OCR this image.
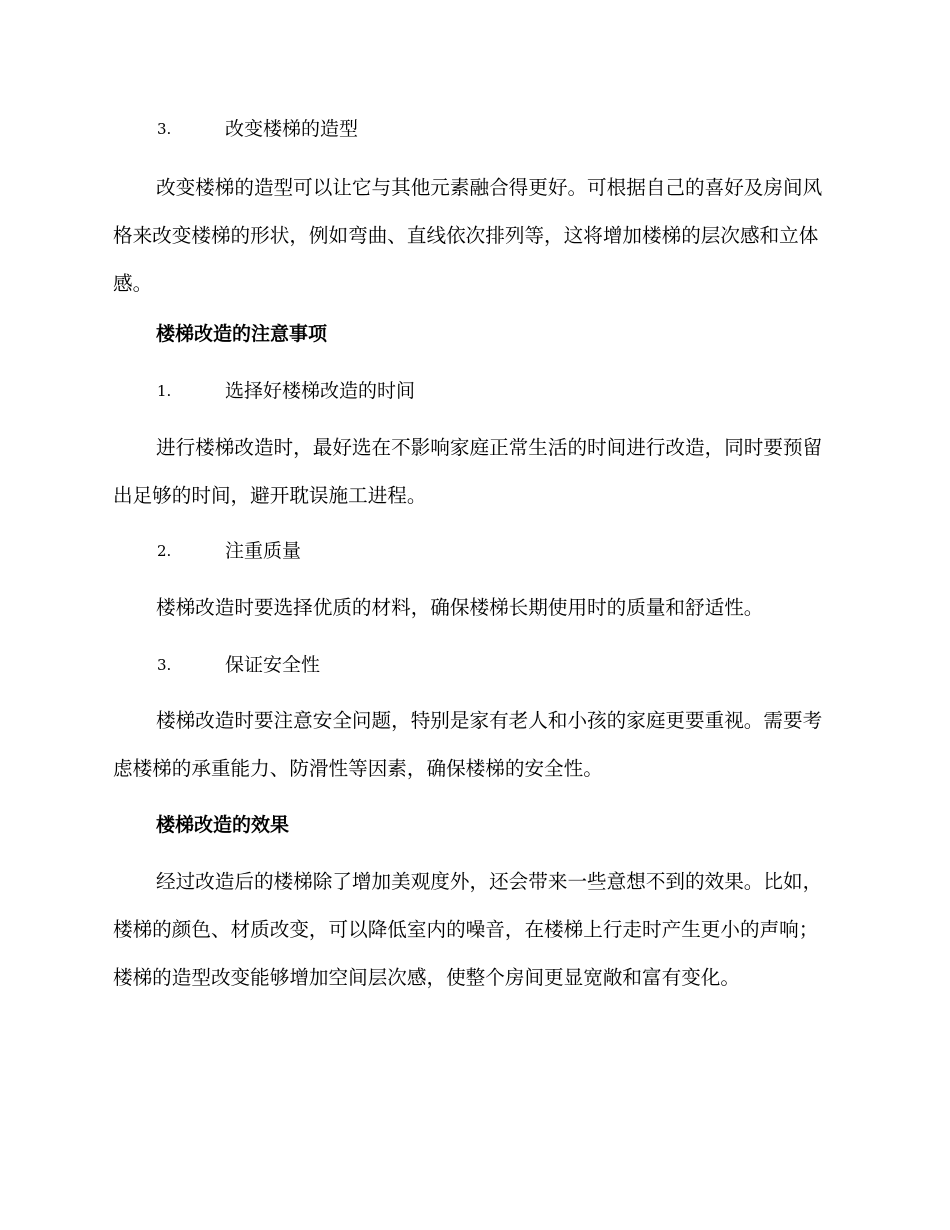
3.	改变楼梯的造型

改变楼梯的造型可以让它与其他元素融合得更好。可根据自己的喜好及房间风格来改变楼梯的形状，例如弯曲、直线依次排列等，这将增加楼梯的层次感和立体感。

楼梯改造的注意事项
1.	选择好楼梯改造的时间

进行楼梯改造时，最好选在不影响家庭正常生活的时间进行改造，同时要预留出足够的时间，避开耽误施工进程。

2.	注重质量

楼梯改造时要选择优质的材料，确保楼梯长期使用时的质量和舒适性。

3.	保证安全性

楼梯改造时要注意安全问题，特别是家有老人和小孩的家庭更要重视。需要考虑楼梯的承重能力、防滑性等因素，确保楼梯的安全性。

楼梯改造的效果

经过改造后的楼梯除了增加美观度外，还会带来一些意想不到的效果。比如，楼梯的颜色、材质改变，可以降低室内的噪音，在楼梯上行走时产生更小的声响；楼梯的造型改变能够增加空间层次感，使整个房间更显宽敞和富有变化。
